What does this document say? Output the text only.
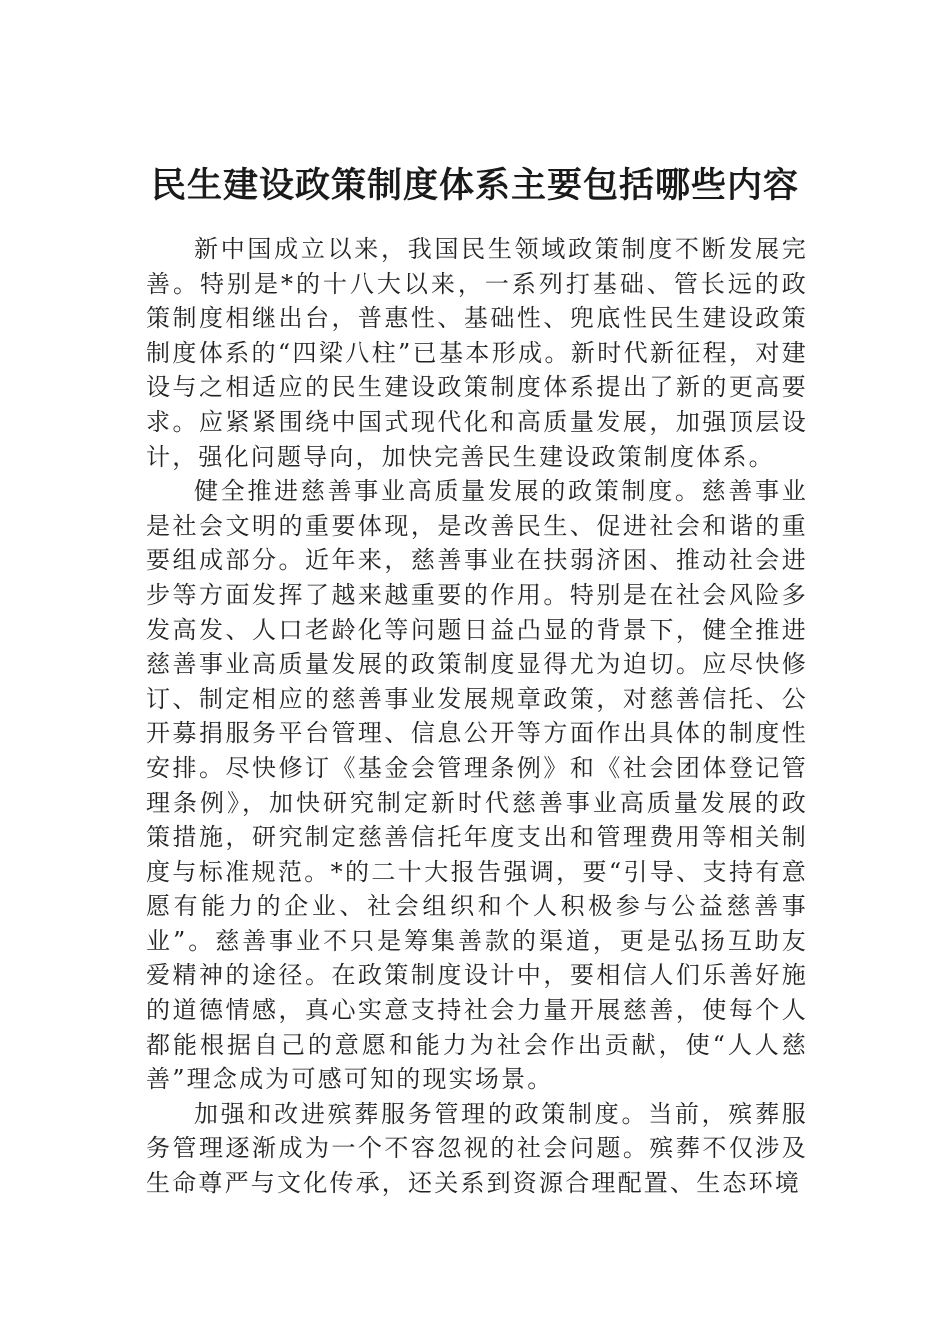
民生建设政策制度体系主要包括哪些内容

新中国成立以来，我国民生领域政策制度不断发展完善。特别是*的十八大以来，一系列打基础、管长远的政策制度相继出台，普惠性、基础性、兜底性民生建设政策制度体系的“四梁八柱”已基本形成。新时代新征程，对建设与之相适应的民生建设政策制度体系提出了新的更高要求。应紧紧围绕中国式现代化和高质量发展，加强顶层设计，强化问题导向，加快完善民生建设政策制度体系。

健全推进慈善事业高质量发展的政策制度。慈善事业是社会文明的重要体现，是改善民生、促进社会和谐的重要组成部分。近年来，慈善事业在扶弱济困、推动社会进步等方面发挥了越来越重要的作用。特别是在社会风险多发高发、人口老龄化等问题日益凸显的背景下，健全推进慈善事业高质量发展的政策制度显得尤为迫切。应尽快修订、制定相应的慈善事业发展规章政策，对慈善信托、公开募捐服务平台管理、信息公开等方面作出具体的制度性安排。尽快修订《基金会管理条例》和《社会团体登记管理条例》，加快研究制定新时代慈善事业高质量发展的政策措施，研究制定慈善信托年度支出和管理费用等相关制度与标准规范。*的二十大报告强调，要“引导、支持有意愿有能力的企业、社会组织和个人积极参与公益慈善事业”。慈善事业不只是筹集善款的渠道，更是弘扬互助友爱精神的途径。在政策制度设计中，要相信人们乐善好施的道德情感，真心实意支持社会力量开展慈善，使每个人都能根据自己的意愿和能力为社会作出贡献，使“人人慈善”理念成为可感可知的现实场景。

加强和改进殡葬服务管理的政策制度。当前，殡葬服务管理逐渐成为一个不容忽视的社会问题。殡葬不仅涉及生命尊严与文化传承，还关系到资源合理配置、生态环境
